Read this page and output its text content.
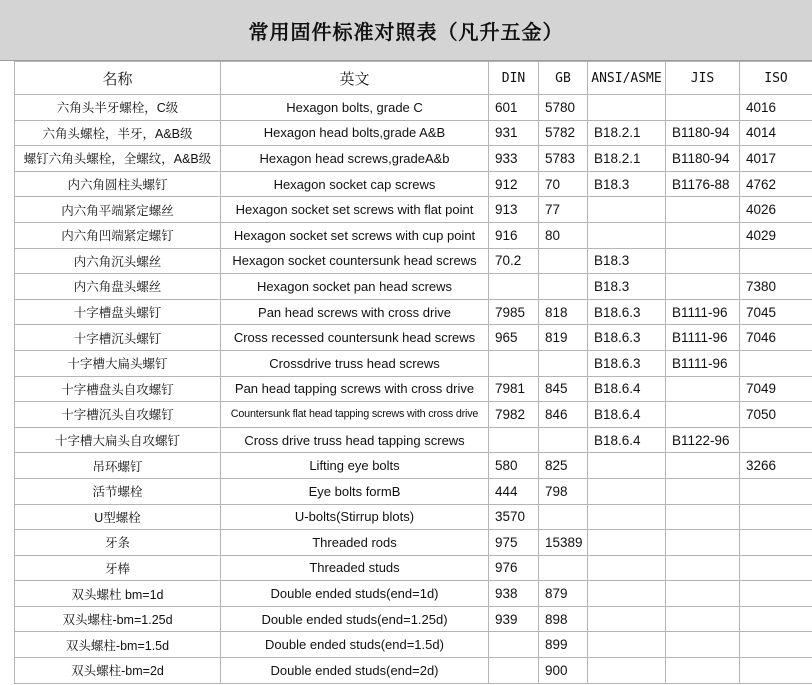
常用固件标准对照表（凡升五金）
名称	英文	DIN	GB	ANSI/ASME	JIS	ISO
六角头半牙螺栓，C级	Hexagon bolts, grade C	601	5780			4016
六角头螺栓，半牙，A&B级	Hexagon head bolts,grade A&B	931	5782	B18.2.1	B1180-94	4014
螺钉六角头螺栓，全螺纹，A&B级	Hexagon head screws,gradeA&b	933	5783	B18.2.1	B1180-94	4017
内六角圆柱头螺钉	Hexagon socket cap screws	912	70	B18.3	B1176-88	4762
内六角平端紧定螺丝	Hexagon socket set screws with flat point	913	77			4026
内六角凹端紧定螺钉	Hexagon socket set screws with cup point	916	80			4029
内六角沉头螺丝	Hexagon socket countersunk head screws	70.2		B18.3		
内六角盘头螺丝	Hexagon socket pan head screws			B18.3		7380
十字槽盘头螺钉	Pan head screws with cross drive	7985	818	B18.6.3	B1111-96	7045
十字槽沉头螺钉	Cross recessed countersunk head screws	965	819	B18.6.3	B1111-96	7046
十字槽大扁头螺钉	Crossdrive truss head screws			B18.6.3	B1111-96	
十字槽盘头自攻螺钉	Pan head tapping screws with cross drive	7981	845	B18.6.4		7049
十字槽沉头自攻螺钉	Countersunk flat head tapping screws with cross drive	7982	846	B18.6.4		7050
十字槽大扁头自攻螺钉	Cross drive truss head tapping screws			B18.6.4	B1122-96	
吊环螺钉	Lifting eye bolts	580	825			3266
活节螺栓	Eye bolts formB	444	798			
U型螺栓	U-bolts(Stirrup blots)	3570				
牙条	Threaded rods	975	15389			
牙棒	Threaded studs	976				
双头螺杜 bm=1d	Double ended studs(end=1d)	938	879			
双头螺柱-bm=1.25d	Double ended studs(end=1.25d)	939	898			
双头螺柱-bm=1.5d	Double ended studs(end=1.5d)		899			
双头螺柱-bm=2d	Double ended studs(end=2d)		900			
